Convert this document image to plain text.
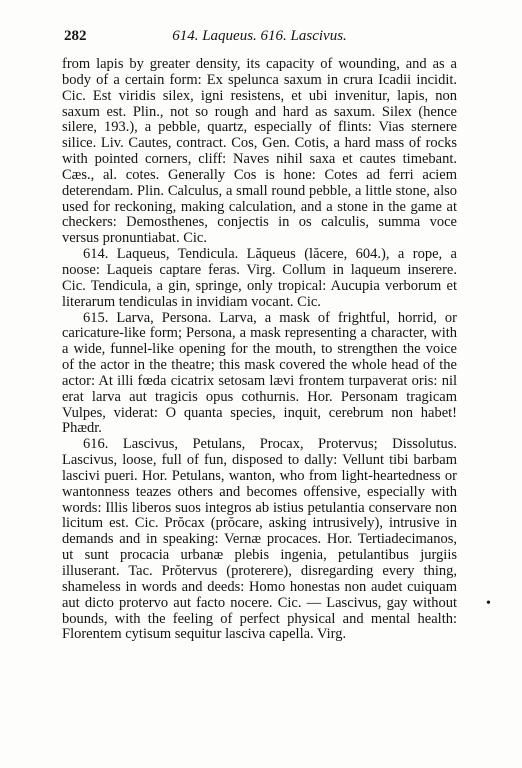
282	614. Laqueus. 616. Lascivus.

from lapis by greater density, its capacity of wounding, and as a body of a certain form: Ex spelunca saxum in crura Icadii incidit. Cic. Est viridis silex, igni resistens, et ubi invenitur, lapis, non saxum est. Plin., not so rough and hard as saxum. Silex (hence silere, 193.), a pebble, quartz, especially of flints: Vias sternere silice. Liv. Cautes, contract. Cos, Gen. Cotis, a hard mass of rocks with pointed corners, cliff: Naves nihil saxa et cautes timebant. Cæs., al. cotes. Generally Cos is hone: Cotes ad ferri aciem deterendam. Plin. Calculus, a small round pebble, a little stone, also used for reckoning, making calculation, and a stone in the game at checkers: Demosthenes, conjectis in os calculis, summa voce versus pronuntiabat. Cic.

614. Laqueus, Tendicula. Lăqueus (lăcere, 604.), a rope, a noose: Laqueis captare feras. Virg. Collum in laqueum inserere. Cic. Tendicula, a gin, springe, only tropical: Aucupia verborum et literarum tendiculas in invidiam vocant. Cic.

615. Larva, Persona. Larva, a mask of frightful, horrid, or caricature-like form; Persona, a mask representing a character, with a wide, funnel-like opening for the mouth, to strengthen the voice of the actor in the theatre; this mask covered the whole head of the actor: At illi fœda cicatrix setosam lævi frontem turpaverat oris: nil erat larva aut tragicis opus cothurnis. Hor. Personam tragicam Vulpes, viderat: O quanta species, inquit, cerebrum non habet! Phædr.

616. Lascivus, Petulans, Procax, Protervus; Dissolutus. Lascivus, loose, full of fun, disposed to dally: Vellunt tibi barbam lascivi pueri. Hor. Petulans, wanton, who from light-heartedness or wantonness teazes others and becomes offensive, especially with words: Illis liberos suos integros ab istius petulantia conservare non licitum est. Cic. Prŏcax (prŏcare, asking intrusively), intrusive in demands and in speaking: Vernæ procaces. Hor. Tertiadecimanos, ut sunt procacia urbanæ plebis ingenia, petulantibus jurgiis illuserant. Tac. Prŏtervus (proterere), disregarding every thing, shameless in words and deeds: Homo honestas non audet cuiquam aut dicto protervo aut facto nocere. Cic. — Lascivus, gay without bounds, with the feeling of perfect physical and mental health: Florentem cytisum sequitur lasciva capella. Virg.

•
